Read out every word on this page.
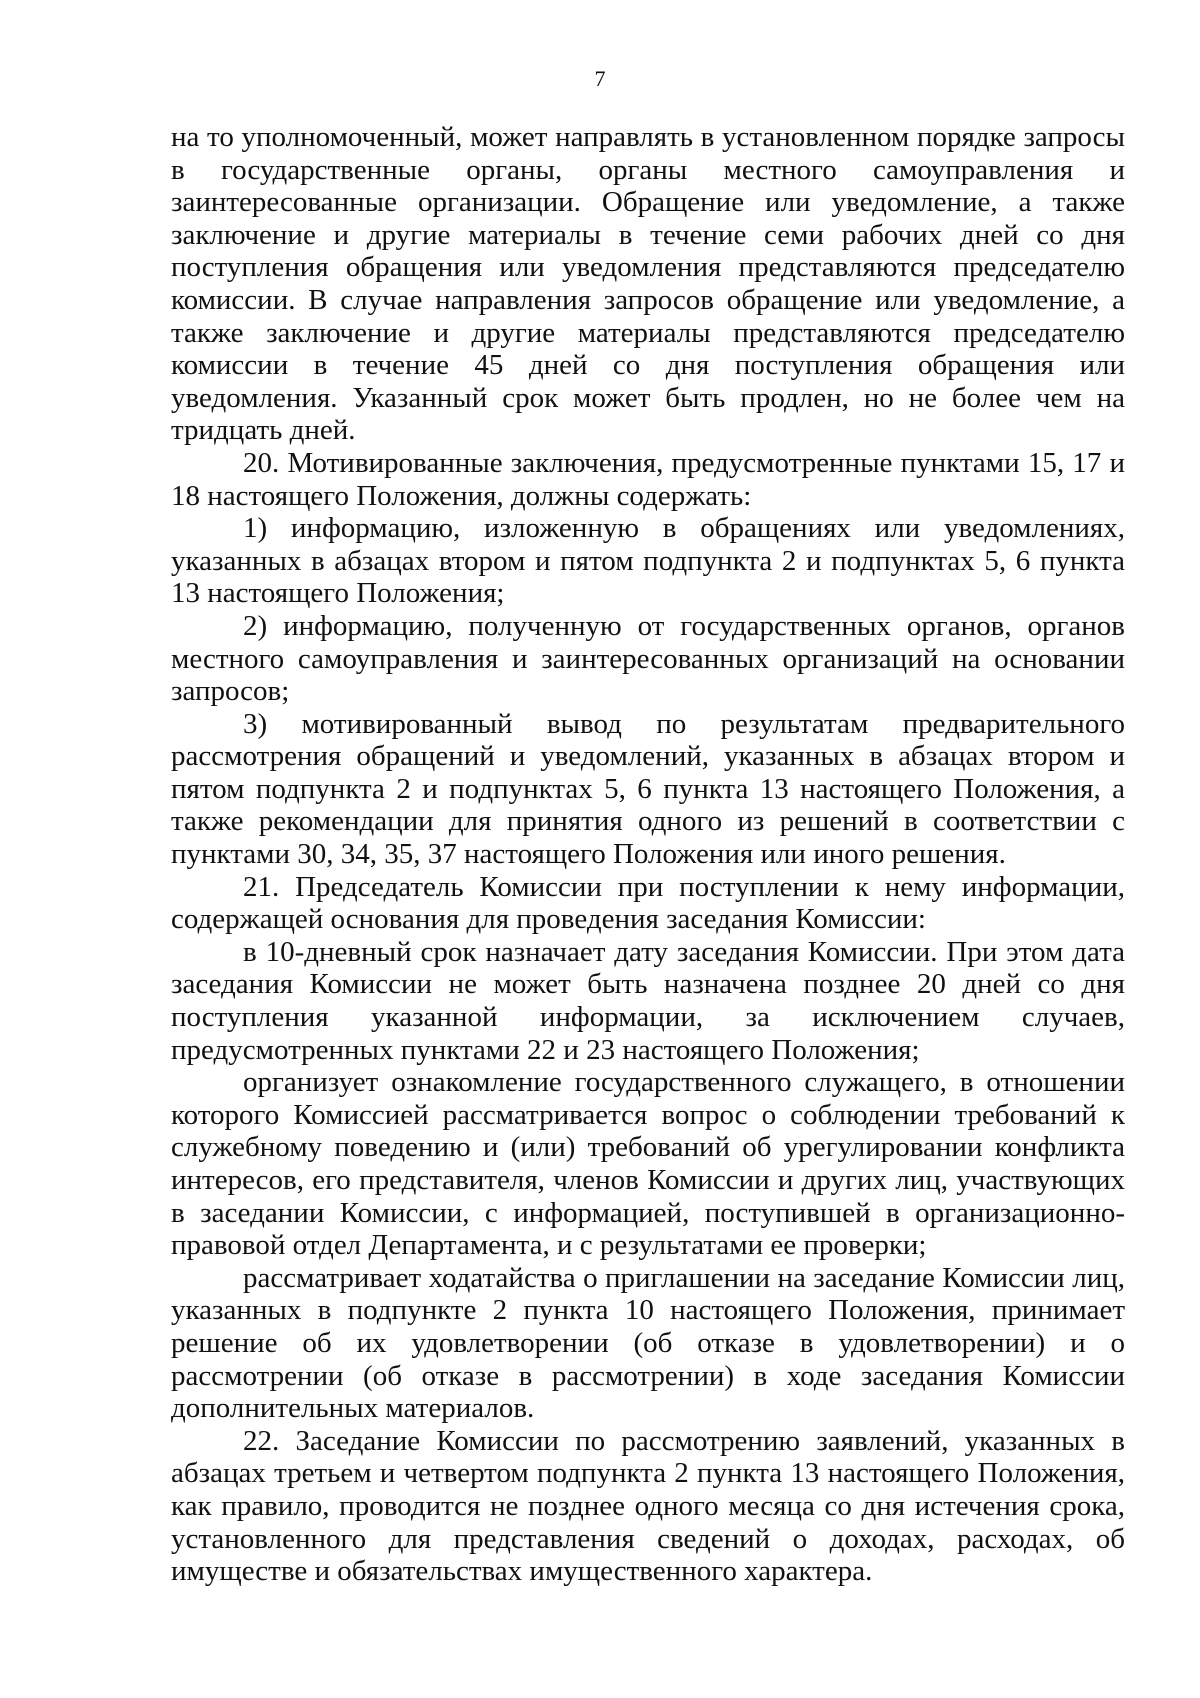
7

на то уполномоченный, может направлять в установленном порядке запросы в государственные органы, органы местного самоуправления и заинтересованные организации. Обращение или уведомление, а также заключение и другие материалы в течение семи рабочих дней со дня поступления обращения или уведомления представляются председателю комиссии. В случае направления запросов обращение или уведомление, а также заключение и другие материалы представляются председателю комиссии в течение 45 дней со дня поступления обращения или уведомления. Указанный срок может быть продлен, но не более чем на тридцать дней.

20. Мотивированные заключения, предусмотренные пунктами 15, 17 и 18 настоящего Положения, должны содержать:

1) информацию, изложенную в обращениях или уведомлениях, указанных в абзацах втором и пятом подпункта 2 и подпунктах 5, 6 пункта 13 настоящего Положения;

2) информацию, полученную от государственных органов, органов местного самоуправления и заинтересованных организаций на основании запросов;

3) мотивированный вывод по результатам предварительного рассмотрения обращений и уведомлений, указанных в абзацах втором и пятом подпункта 2 и подпунктах 5, 6 пункта 13 настоящего Положения, а также рекомендации для принятия одного из решений в соответствии с пунктами 30, 34, 35, 37 настоящего Положения или иного решения.

21. Председатель Комиссии при поступлении к нему информации, содержащей основания для проведения заседания Комиссии:

в 10-дневный срок назначает дату заседания Комиссии. При этом дата заседания Комиссии не может быть назначена позднее 20 дней со дня поступления указанной информации, за исключением случаев, предусмотренных пунктами 22 и 23 настоящего Положения;

организует ознакомление государственного служащего, в отношении которого Комиссией рассматривается вопрос о соблюдении требований к служебному поведению и (или) требований об урегулировании конфликта интересов, его представителя, членов Комиссии и других лиц, участвующих в заседании Комиссии, с информацией, поступившей в организационно-правовой отдел Департамента, и с результатами ее проверки;

рассматривает ходатайства о приглашении на заседание Комиссии лиц, указанных в подпункте 2 пункта 10 настоящего Положения, принимает решение об их удовлетворении (об отказе в удовлетворении) и о рассмотрении (об отказе в рассмотрении) в ходе заседания Комиссии дополнительных материалов.

22. Заседание Комиссии по рассмотрению заявлений, указанных в абзацах третьем и четвертом подпункта 2 пункта 13 настоящего Положения, как правило, проводится не позднее одного месяца со дня истечения срока, установленного для представления сведений о доходах, расходах, об имуществе и обязательствах имущественного характера.
